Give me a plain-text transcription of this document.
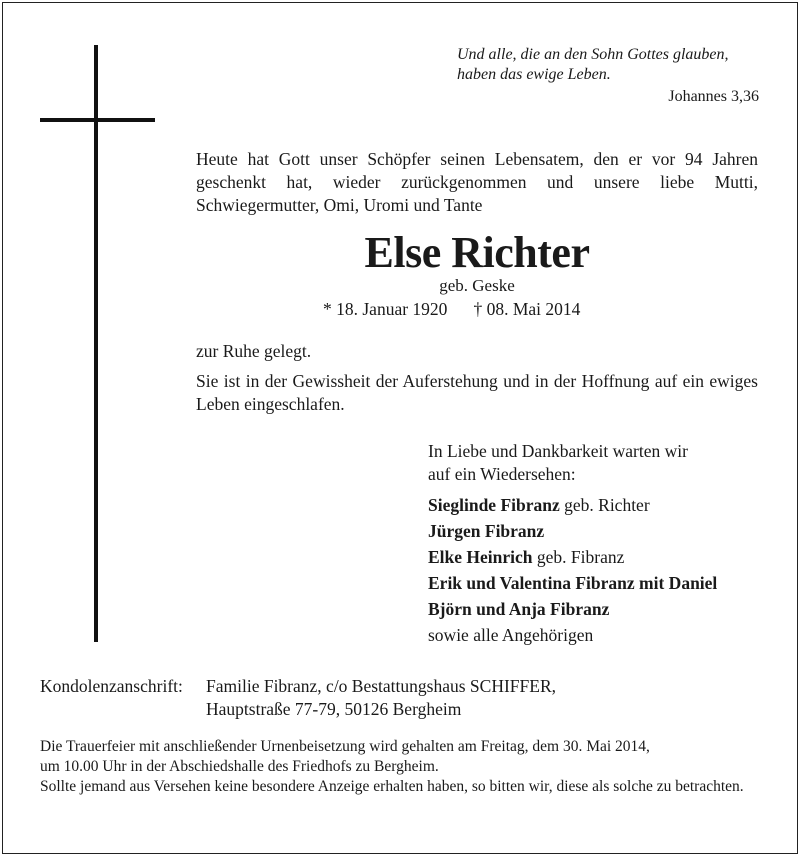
Und alle, die an den Sohn Gottes glauben,
haben das ewige Leben.
Johannes 3,36
Heute hat Gott unser Schöpfer seinen Lebensatem, den er vor 94 Jahren geschenkt hat, wieder zurückgenommen und unsere liebe Mutti, Schwiegermutter, Omi, Uromi und Tante
Else Richter
geb. Geske
* 18. Januar 1920 † 08. Mai 2014
zur Ruhe gelegt.
Sie ist in der Gewissheit der Auferstehung und in der Hoffnung auf ein ewiges Leben eingeschlafen.
In Liebe und Dankbarkeit warten wir
auf ein Wiedersehen:
Sieglinde Fibranz geb. Richter
Jürgen Fibranz
Elke Heinrich geb. Fibranz
Erik und Valentina Fibranz mit Daniel
Björn und Anja Fibranz
sowie alle Angehörigen
Kondolenzanschrift: Familie Fibranz, c/o Bestattungshaus SCHIFFER,
Hauptstraße 77-79, 50126 Bergheim
Die Trauerfeier mit anschließender Urnenbeisetzung wird gehalten am Freitag, dem 30. Mai 2014,
um 10.00 Uhr in der Abschiedshalle des Friedhofs zu Bergheim.
Sollte jemand aus Versehen keine besondere Anzeige erhalten haben, so bitten wir, diese als solche zu betrachten.
